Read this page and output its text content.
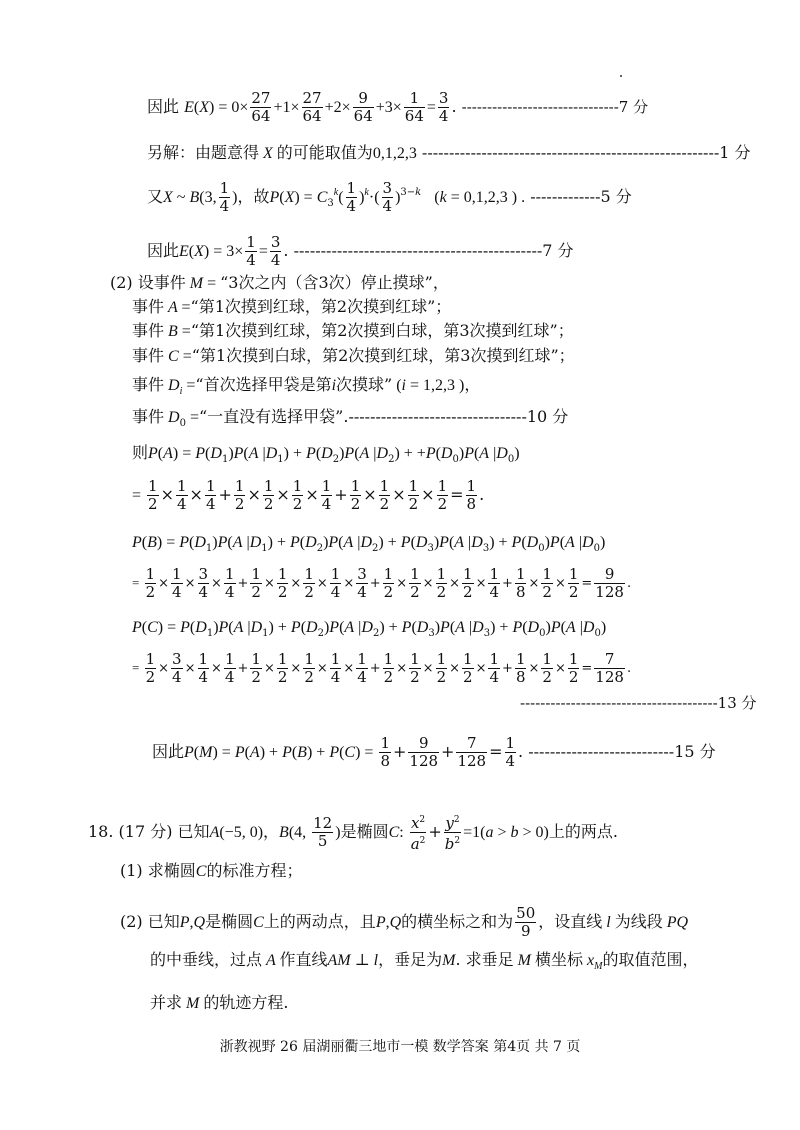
因此 $E(X) = 0\times \frac{27}{64} +1\times \frac{27}{64} +2\times \frac{9}{64} +3\times \frac{1}{64} = \frac{3}{4}$ . -------------------------------7 分
另解：由题意得 X 的可能取值为0,1,2,3 -------------------------------------------------------1 分
又X ~ B(3, $\frac{1}{4}$ )，故$P(X) = C_3^k( \frac{1}{4} )^k\cdot( \frac{3}{4} )^{3-k}$   (k = 0,1,2,3 ) . -------------5 分
因此$E(X) = 3\times \frac{1}{4} = \frac{3}{4}$ . ----------------------------------------------7 分
(2) 设事件 M = “3次之内（含3次）停止摸球”，
事件 A =“第1次摸到红球，第2次摸到红球”；
事件 B =“第1次摸到红球，第2次摸到白球，第3次摸到红球”；
事件 C =“第1次摸到白球，第2次摸到红球，第3次摸到红球”；
事件 $D_i$ =“首次选择甲袋是第i次摸球” (i = 1,2,3 )，
事件 $D_0$ =“一直没有选择甲袋”.---------------------------------10 分
则$P(A) = P(D_1)P(A$ $|D_1) + P(D_2)P(A$ $|D_2) + +P(D_0)P(A$ $|D_0$)
= $\frac{1}{2} \times \frac{1}{4} \times \frac{1}{4} + \frac{1}{2} \times \frac{1}{2} \times \frac{1}{2} \times \frac{1}{4} + \frac{1}{2} \times \frac{1}{2} \times \frac{1}{2} \times \frac{1}{2} = \frac{1}{8}$ .
$P(B) = P(D_1)P(A$ $|D_1) + P(D_2)P(A$ $|D_2) + P(D_3)P(A$ $|D_3) + P(D_0)P(A$ $|D_0$)
= $\frac{1}{2} \times \frac{1}{4} \times \frac{3}{4} \times \frac{1}{4} + \frac{1}{2} \times \frac{1}{2} \times \frac{1}{2} \times \frac{1}{4} \times \frac{3}{4} + \frac{1}{2} \times \frac{1}{2} \times \frac{1}{2} \times \frac{1}{2} \times \frac{1}{4} + \frac{1}{8} \times \frac{1}{2} \times \frac{1}{2} = \frac{9}{128}$ .
$P(C) = P(D_1)P(A$ $|D_1) + P(D_2)P(A$ $|D_2) + P(D_3)P(A$ $|D_3) + P(D_0)P(A$ $|D_0$)
= $\frac{1}{2} \times \frac{3}{4} \times \frac{1}{4} \times \frac{1}{4} + \frac{1}{2} \times \frac{1}{2} \times \frac{1}{2} \times \frac{1}{4} \times \frac{1}{4} + \frac{1}{2} \times \frac{1}{2} \times \frac{1}{2} \times \frac{1}{2} \times \frac{1}{4} + \frac{1}{8} \times \frac{1}{2} \times \frac{1}{2} = \frac{7}{128}$ .
---------------------------------------13 分
因此$P(M) = P(A) + P(B) + P(C) = \frac{1}{8} + \frac{9}{128} + \frac{7}{128} = \frac{1}{4}$ . ---------------------------15 分
18. (17 分) 已知A(−5, 0)，B(4, $\frac{12}{5}$ )是椭圆C: $\frac{x^2}{a^2} + \frac{y^2}{b^2} =1(a > b > 0)$上的两点.
(1) 求椭圆C的标准方程；
(2) 已知P,Q是椭圆C上的两动点，且P,Q的横坐标之和为 $\frac{50}{9}$ ，设直线 l 为线段 PQ
的中垂线，过点 A 作直线AM ⊥ l，垂足为M. 求垂足 M 横坐标 $x_M$的取值范围，
并求 M 的轨迹方程.
浙教视野 26 届湖丽衢三地市一模 数学答案 第4页 共 7 页
